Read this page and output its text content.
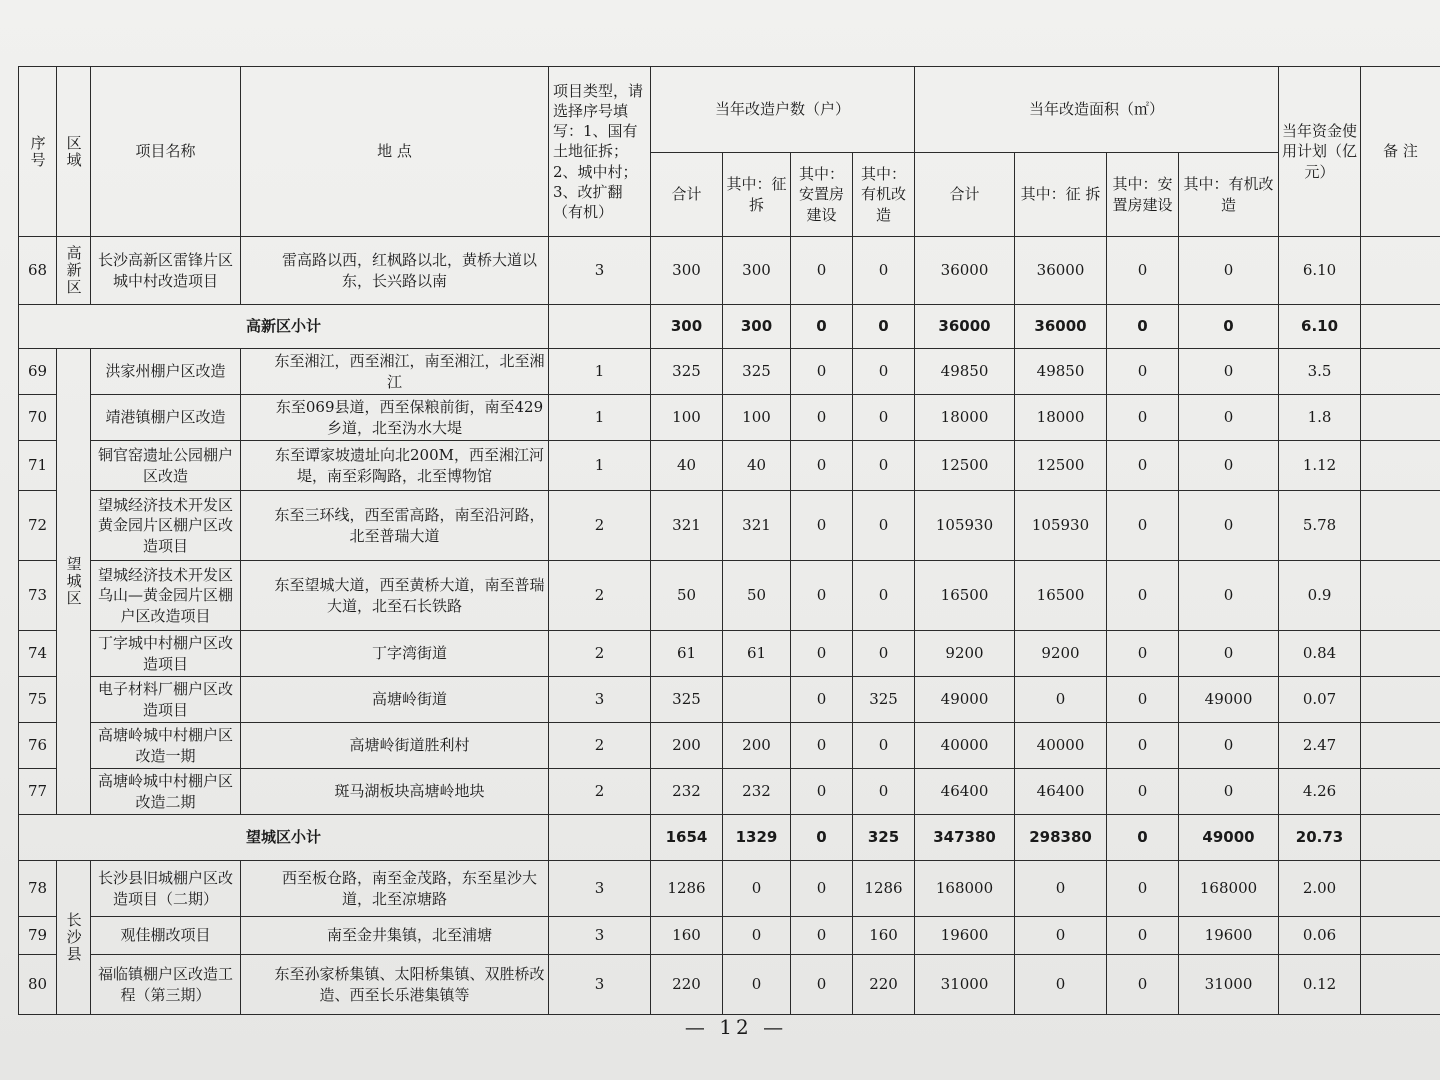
序号	区域	项目名称	地 点	项目类型，请选择序号填写：1、国有土地征拆；2、城中村；3、改扩翻（有机）	当年改造户数（户）				当年改造面积（㎡）				当年资金使用计划（亿元）	备 注
					合计	其中：征 拆	其中：安置房建设	其中：有机改造	合计	其中：征 拆	其中：安置房建设	其中：有机改造		
68	高新区	长沙高新区雷锋片区城中村改造项目	雷高路以西，红枫路以北，黄桥大道以东，长兴路以南	3	300	300	0	0	36000	36000	0	0	6.10	
高新区小计					300	300	0	0	36000	36000	0	0	6.10	
69	望城区	洪家州棚户区改造	东至湘江，西至湘江，南至湘江，北至湘江	1	325	325	0	0	49850	49850	0	0	3.5	
70		靖港镇棚户区改造	东至069县道，西至保粮前街，南至429乡道，北至沩水大堤	1	100	100	0	0	18000	18000	0	0	1.8	
71		铜官窑遗址公园棚户区改造	东至谭家坡遗址向北200M，西至湘江河堤，南至彩陶路，北至博物馆	1	40	40	0	0	12500	12500	0	0	1.12	
72		望城经济技术开发区黄金园片区棚户区改造项目	东至三环线，西至雷高路，南至沿河路，北至普瑞大道	2	321	321	0	0	105930	105930	0	0	5.78	
73		望城经济技术开发区乌山—黄金园片区棚户区改造项目	东至望城大道，西至黄桥大道，南至普瑞大道，北至石长铁路	2	50	50	0	0	16500	16500	0	0	0.9	
74		丁字城中村棚户区改造项目	丁字湾街道	2	61	61	0	0	9200	9200	0	0	0.84	
75		电子材料厂棚户区改造项目	高塘岭街道	3	325		0	325	49000	0	0	49000	0.07	
76		高塘岭城中村棚户区改造一期	高塘岭街道胜利村	2	200	200	0	0	40000	40000	0	0	2.47	
77		高塘岭城中村棚户区改造二期	斑马湖板块高塘岭地块	2	232	232	0	0	46400	46400	0	0	4.26	
望城区小计					1654	1329	0	325	347380	298380	0	49000	20.73	
78	长沙县	长沙县旧城棚户区改造项目（二期）	西至板仓路，南至金茂路，东至星沙大道，北至凉塘路	3	1286	0	0	1286	168000	0	0	168000	2.00	
79		观佳棚改项目	南至金井集镇，北至浦塘	3	160	0	0	160	19600	0	0	19600	0.06	
80		福临镇棚户区改造工程（第三期）	东至孙家桥集镇、太阳桥集镇、双胜桥改造、西至长乐港集镇等	3	220	0	0	220	31000	0	0	31000	0.12	
— 12 —
